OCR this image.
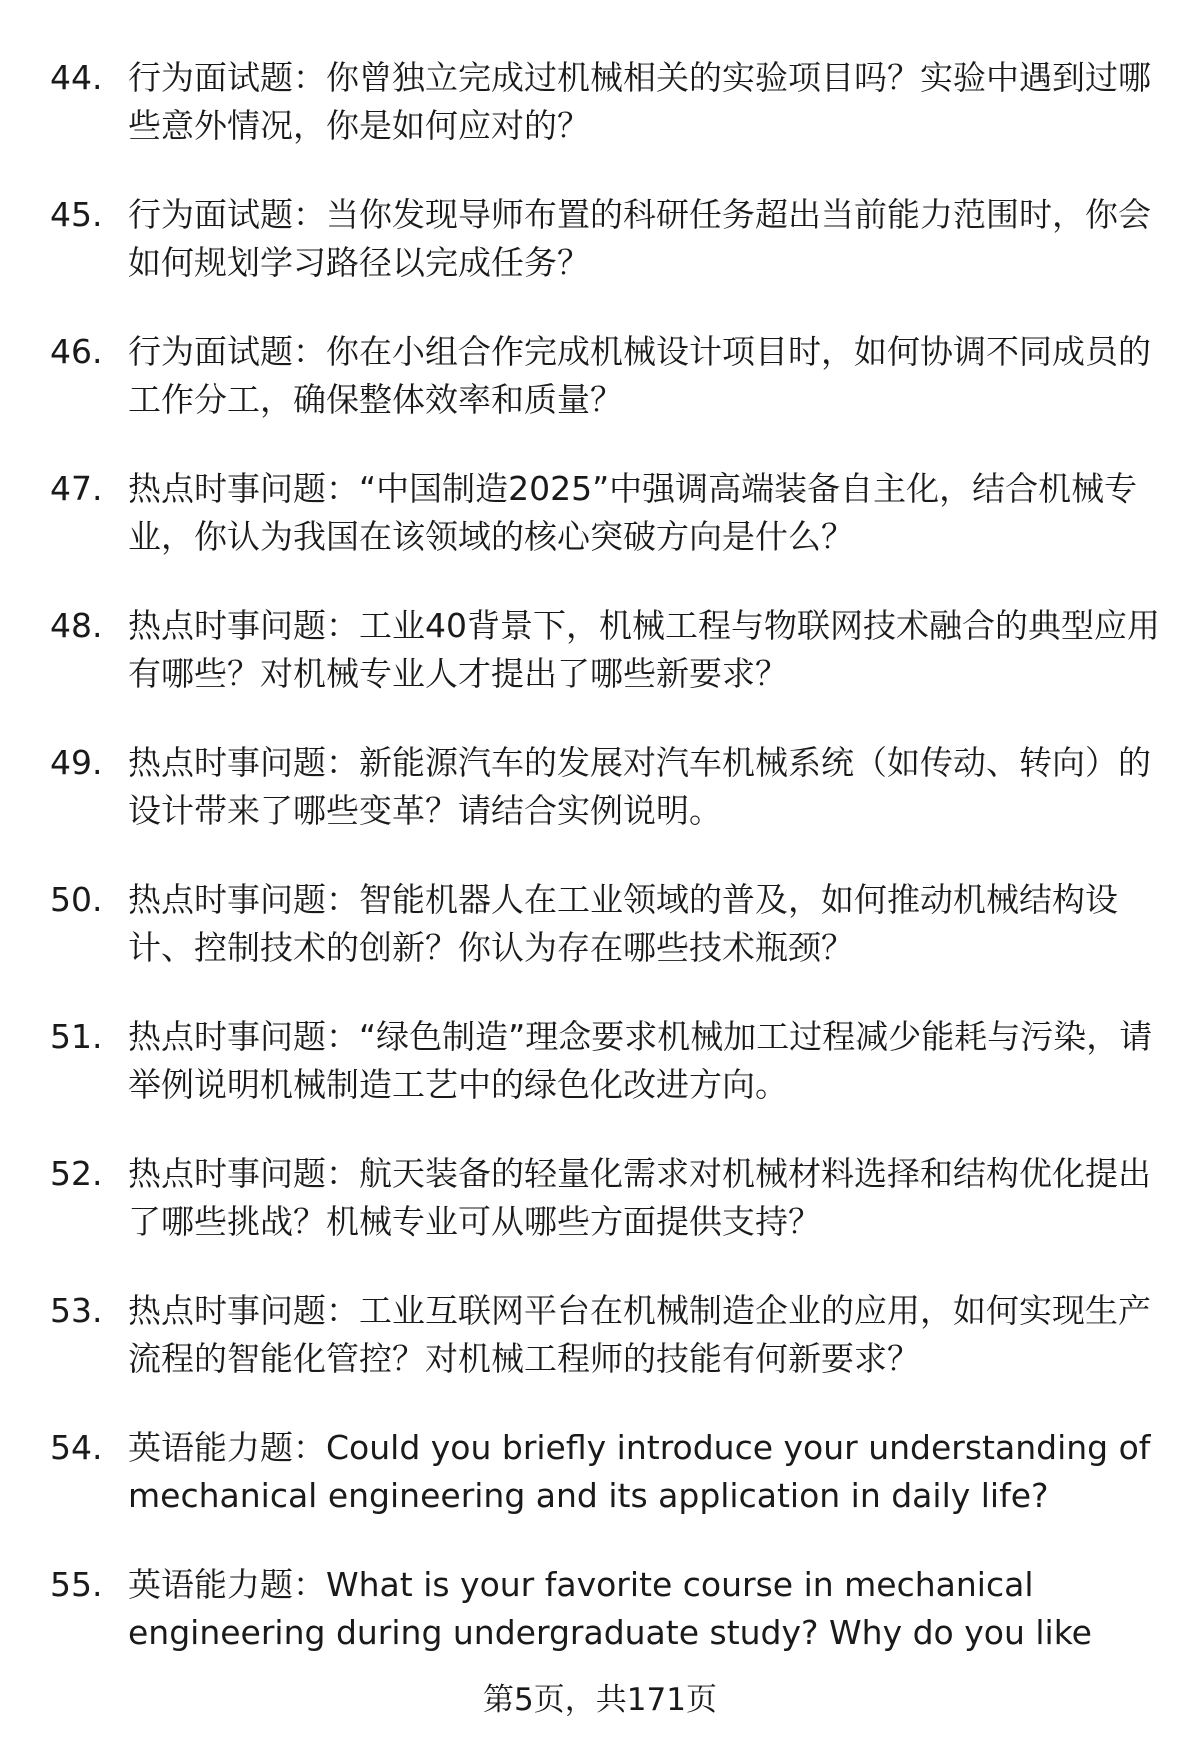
44. 行为面试题：你曾独立完成过机械相关的实验项目吗？实验中遇到过哪些意外情况，你是如何应对的？
45. 行为面试题：当你发现导师布置的科研任务超出当前能力范围时，你会如何规划学习路径以完成任务？
46. 行为面试题：你在小组合作完成机械设计项目时，如何协调不同成员的工作分工，确保整体效率和质量？
47. 热点时事问题：“中国制造2025”中强调高端装备自主化，结合机械专业，你认为我国在该领域的核心突破方向是什么？
48. 热点时事问题：工业40背景下，机械工程与物联网技术融合的典型应用有哪些？对机械专业人才提出了哪些新要求？
49. 热点时事问题：新能源汽车的发展对汽车机械系统（如传动、转向）的设计带来了哪些变革？请结合实例说明。
50. 热点时事问题：智能机器人在工业领域的普及，如何推动机械结构设计、控制技术的创新？你认为存在哪些技术瓶颈？
51. 热点时事问题：“绿色制造”理念要求机械加工过程减少能耗与污染，请举例说明机械制造工艺中的绿色化改进方向。
52. 热点时事问题：航天装备的轻量化需求对机械材料选择和结构优化提出了哪些挑战？机械专业可从哪些方面提供支持？
53. 热点时事问题：工业互联网平台在机械制造企业的应用，如何实现生产流程的智能化管控？对机械工程师的技能有何新要求？
54. 英语能力题：Could you briefly introduce your understanding of mechanical engineering and its application in daily life?
55. 英语能力题：What is your favorite course in mechanical engineering during undergraduate study? Why do you like
第5页，共171页
